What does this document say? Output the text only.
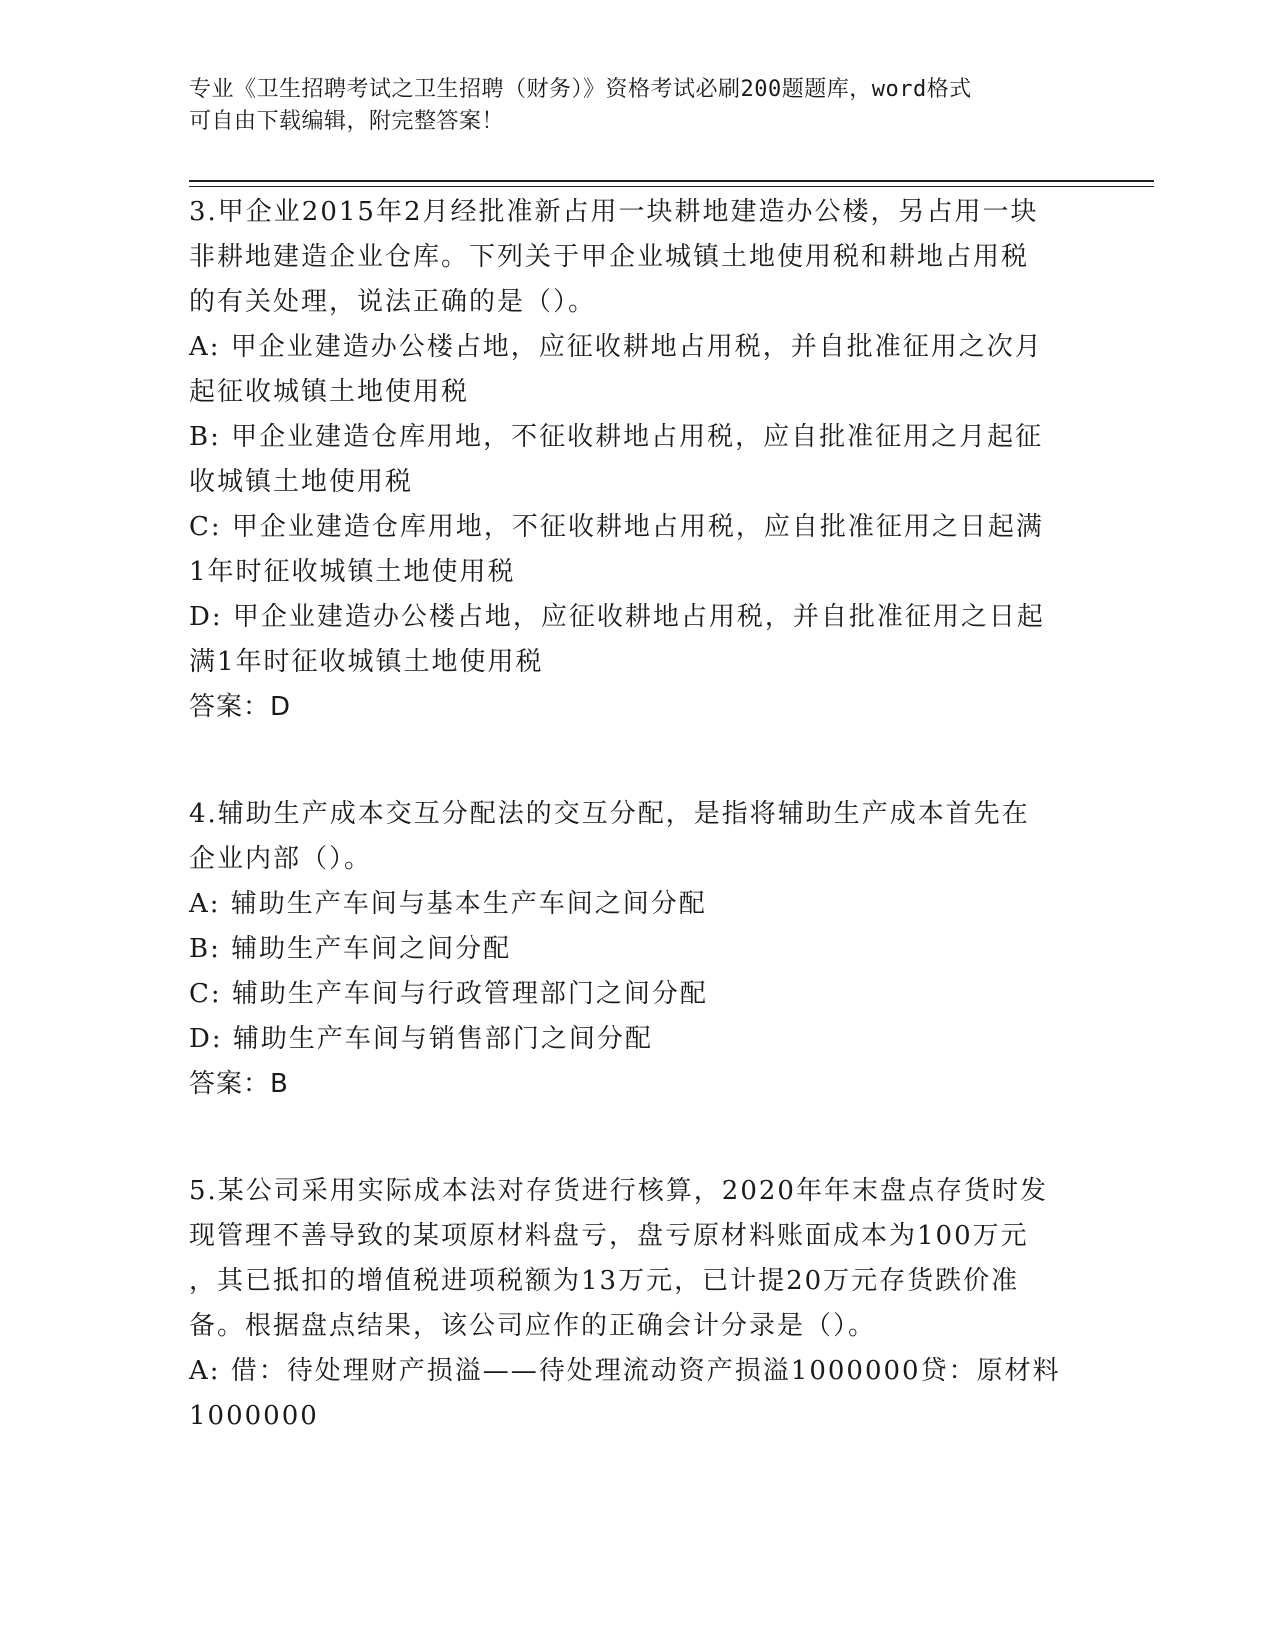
专业《卫生招聘考试之卫生招聘（财务）》资格考试必刷200题题库，word格式
可自由下载编辑，附完整答案！
3.甲企业2015年2月经批准新占用一块耕地建造办公楼，另占用一块
非耕地建造企业仓库。下列关于甲企业城镇土地使用税和耕地占用税
的有关处理，说法正确的是（）。
A: 甲企业建造办公楼占地，应征收耕地占用税，并自批准征用之次月
起征收城镇土地使用税
B: 甲企业建造仓库用地，不征收耕地占用税，应自批准征用之月起征
收城镇土地使用税
C: 甲企业建造仓库用地，不征收耕地占用税，应自批准征用之日起满
1年时征收城镇土地使用税
D: 甲企业建造办公楼占地，应征收耕地占用税，并自批准征用之日起
满1年时征收城镇土地使用税
答案：D
4.辅助生产成本交互分配法的交互分配，是指将辅助生产成本首先在
企业内部（）。
A: 辅助生产车间与基本生产车间之间分配
B: 辅助生产车间之间分配
C: 辅助生产车间与行政管理部门之间分配
D: 辅助生产车间与销售部门之间分配
答案：B
5.某公司采用实际成本法对存货进行核算，2020年年末盘点存货时发
现管理不善导致的某项原材料盘亏，盘亏原材料账面成本为100万元
，其已抵扣的增值税进项税额为13万元，已计提20万元存货跌价准
备。根据盘点结果，该公司应作的正确会计分录是（）。
A: 借：待处理财产损溢——待处理流动资产损溢1000000贷：原材料
1000000
